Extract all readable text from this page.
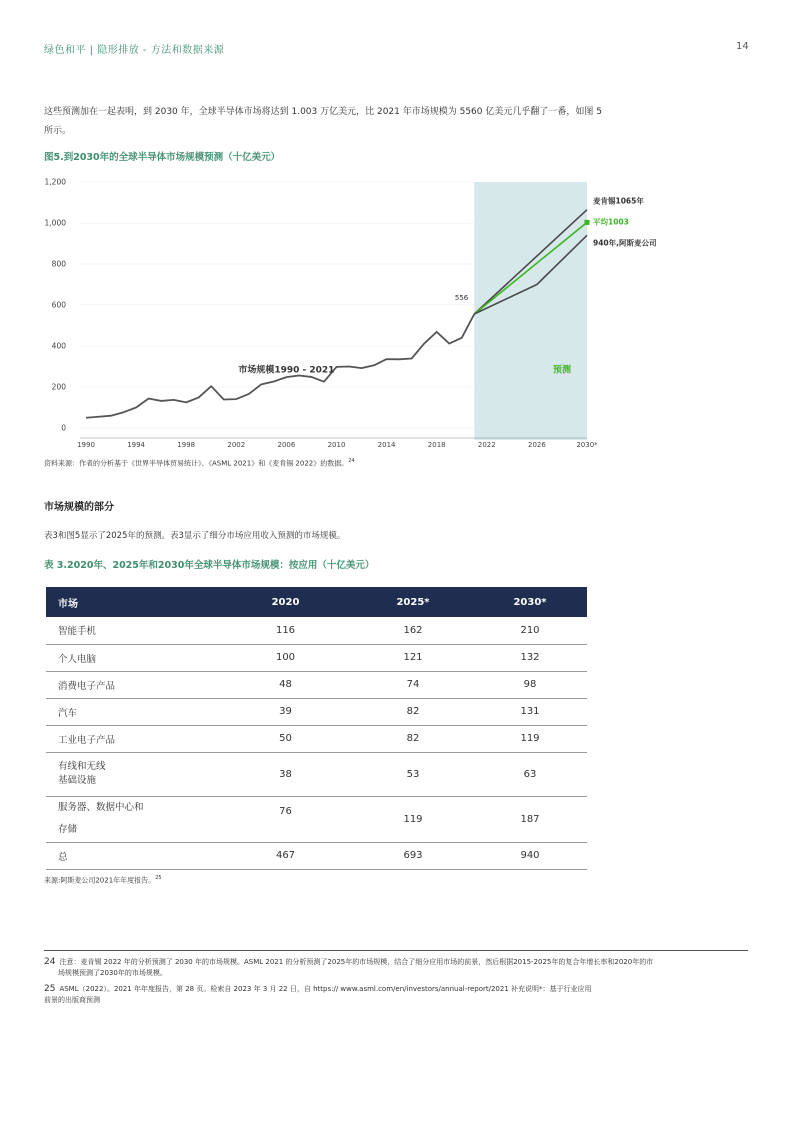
绿色和平 | 隐形排放 - 方法和数据来源	14
这些预测加在一起表明，到 2030 年，全球半导体市场将达到 1.003 万亿美元，比 2021 年市场规模为 5560 亿美元几乎翻了一番，如图 5 所示。
图5.到2030年的全球半导体市场规模预测（十亿美元）
0
200
400
600
800
1,000
1,200
1990	1994	1998	2002	2006	2010	2014	2018	2022	2026	2030*
市场规模1990 - 2021	预测
556
麦肯锡1065年
平均1003
940年,阿斯麦公司
资料来源：作者的分析基于《世界半导体贸易统计》、《ASML 2021》和《麦肯锡 2022》的数据。$^{24}$
市场规模的部分
表3和图5显示了2025年的预测。表3显示了细分市场应用收入预测的市场规模。
表 3.2020年、2025年和2030年全球半导体市场规模：按应用（十亿美元）
市场	2020	2025*	2030*
智能手机	116	162	210
个人电脑	100	121	132
消费电子产品	48	74	98
汽车	39	82	131
工业电子产品	50	82	119
有线和无线
基础设施	38	53	63

服务器、数据中心和
存储	76	119	187
总	467	693	940
来源:阿斯麦公司2021年年度报告。$^{25}$
24 注意：麦肯锡 2022 年的分析预测了 2030 年的市场规模。ASML 2021 的分析预测了2025年的市场规模，结合了细分应用市场的前景，然后根据2015-2025年的复合年增长率和2020年的市
场规模预测了2030年的市场规模。
25 ASML（2022）。2021 年年度报告，第 28 页。检索自 2023 年 3 月 22 日，自 https:// www.asml.com/en/investors/annual-report/2021 补充说明*：基于行业应用
前景的出版商预测
